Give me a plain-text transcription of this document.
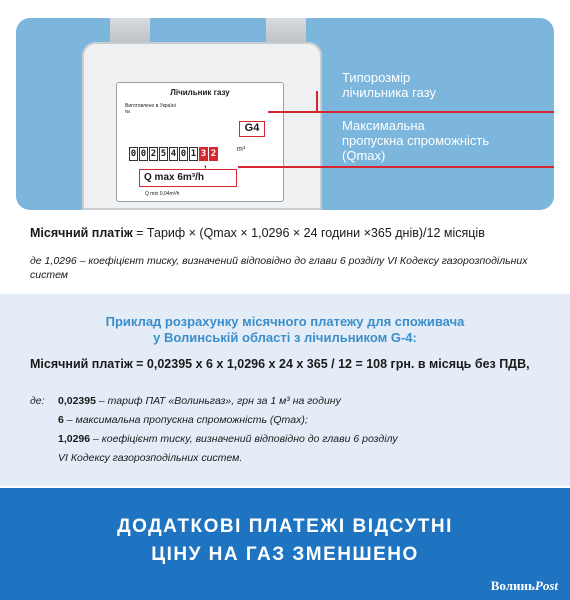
Лічильник газу
Виготовлено в Україні
№
G4
0 0 2 5 4 0 1 3 2	m³
,
Q max 6m³/h
Q min 0,04m³/h
Типорозмір
лічильника газу
Максимальна
пропускна спроможність
(Qmax)
Місячний платіж = Тариф × (Qmax × 1,0296 × 24 години ×365 днів)/12 місяців
де 1,0296 – коефіцієнт тиску, визначений відповідно до глави 6 розділу VI Кодексу газорозподільних систем
Приклад розрахунку місячного платежу для споживача
у Волинській області з лічильником G-4:
Місячний платіж = 0,02395 х 6 х 1,0296 х 24 х 365 / 12 = 108 грн. в місяць без ПДВ,
де: 0,02395 – тариф ПАТ «Волиньгаз», грн за 1 м³ на годину
6 – максимальна пропускна спроможність (Qmax);
1,0296 – коефіцієнт тиску, визначений відповідно до глави 6 розділу
VI Кодексу газорозподільних систем.
ДОДАТКОВІ ПЛАТЕЖІ ВІДСУТНІ
ЦІНУ НА ГАЗ ЗМЕНШЕНО
ВолиньPost
